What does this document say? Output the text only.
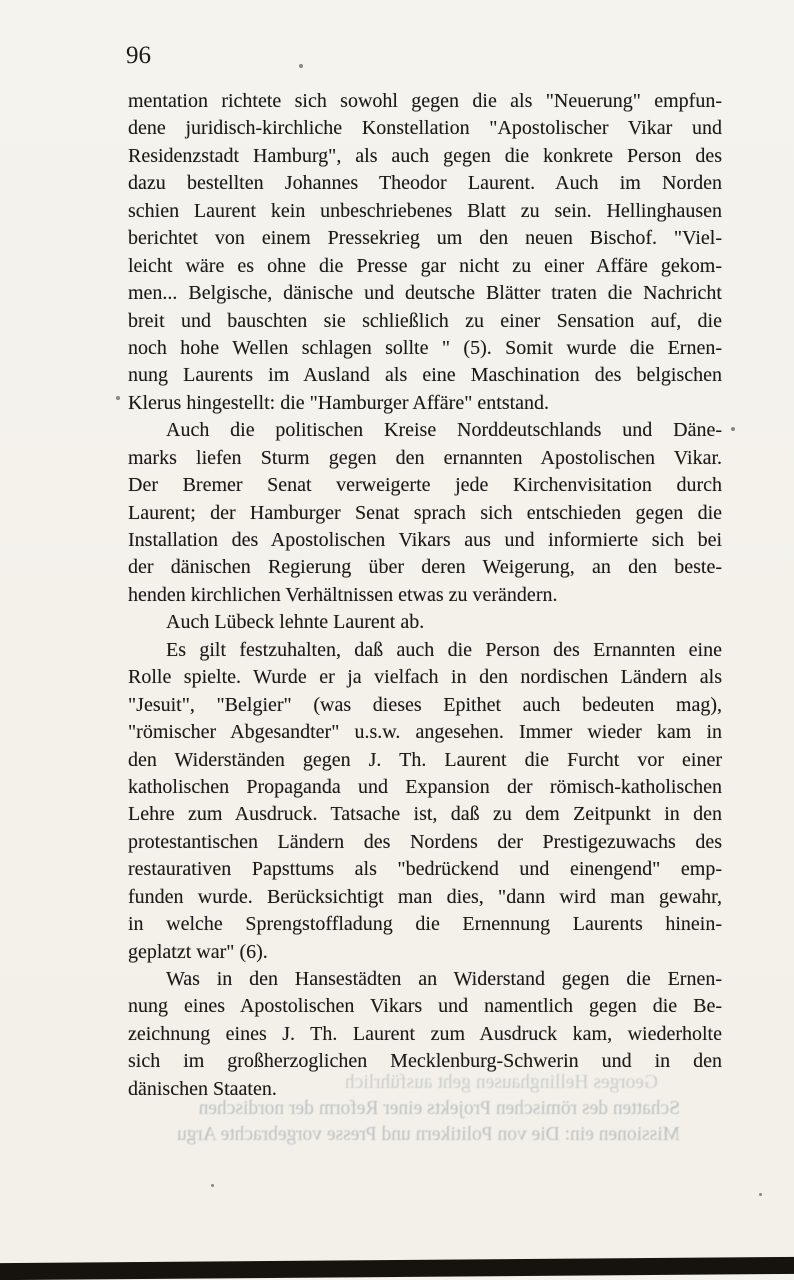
96
mentation richtete sich sowohl gegen die als "Neuerung" empfun-
dene juridisch-kirchliche Konstellation "Apostolischer Vikar und
Residenzstadt Hamburg", als auch gegen die konkrete Person des
dazu bestellten Johannes Theodor Laurent. Auch im Norden
schien Laurent kein unbeschriebenes Blatt zu sein. Hellinghausen
berichtet von einem Pressekrieg um den neuen Bischof. "Viel-
leicht wäre es ohne die Presse gar nicht zu einer Affäre gekom-
men... Belgische, dänische und deutsche Blätter traten die Nachricht
breit und bauschten sie schließlich zu einer Sensation auf, die
noch hohe Wellen schlagen sollte " (5). Somit wurde die Ernen-
nung Laurents im Ausland als eine Maschination des belgischen
Klerus hingestellt: die "Hamburger Affäre" entstand.
Auch die politischen Kreise Norddeutschlands und Däne-
marks liefen Sturm gegen den ernannten Apostolischen Vikar.
Der Bremer Senat verweigerte jede Kirchenvisitation durch
Laurent; der Hamburger Senat sprach sich entschieden gegen die
Installation des Apostolischen Vikars aus und informierte sich bei
der dänischen Regierung über deren Weigerung, an den beste-
henden kirchlichen Verhältnissen etwas zu verändern.
Auch Lübeck lehnte Laurent ab.
Es gilt festzuhalten, daß auch die Person des Ernannten eine
Rolle spielte. Wurde er ja vielfach in den nordischen Ländern als
"Jesuit", "Belgier" (was dieses Epithet auch bedeuten mag),
"römischer Abgesandter" u.s.w. angesehen. Immer wieder kam in
den Widerständen gegen J. Th. Laurent die Furcht vor einer
katholischen Propaganda und Expansion der römisch-katholischen
Lehre zum Ausdruck. Tatsache ist, daß zu dem Zeitpunkt in den
protestantischen Ländern des Nordens der Prestigezuwachs des
restaurativen Papsttums als "bedrückend und einengend" emp-
funden wurde. Berücksichtigt man dies, "dann wird man gewahr,
in welche Sprengstoffladung die Ernennung Laurents hinein-
geplatzt war" (6).
Was in den Hansestädten an Widerstand gegen die Ernen-
nung eines Apostolischen Vikars und namentlich gegen die Be-
zeichnung eines J. Th. Laurent zum Ausdruck kam, wiederholte
sich im großherzoglichen Mecklenburg-Schwerin und in den
dänischen Staaten.	Georges Hellinghausen geht ausführlich
Schatten des römischen Projekts einer Reform der nordischen
Missionen ein: Die von Politikern und Presse vorgebrachte Argu
